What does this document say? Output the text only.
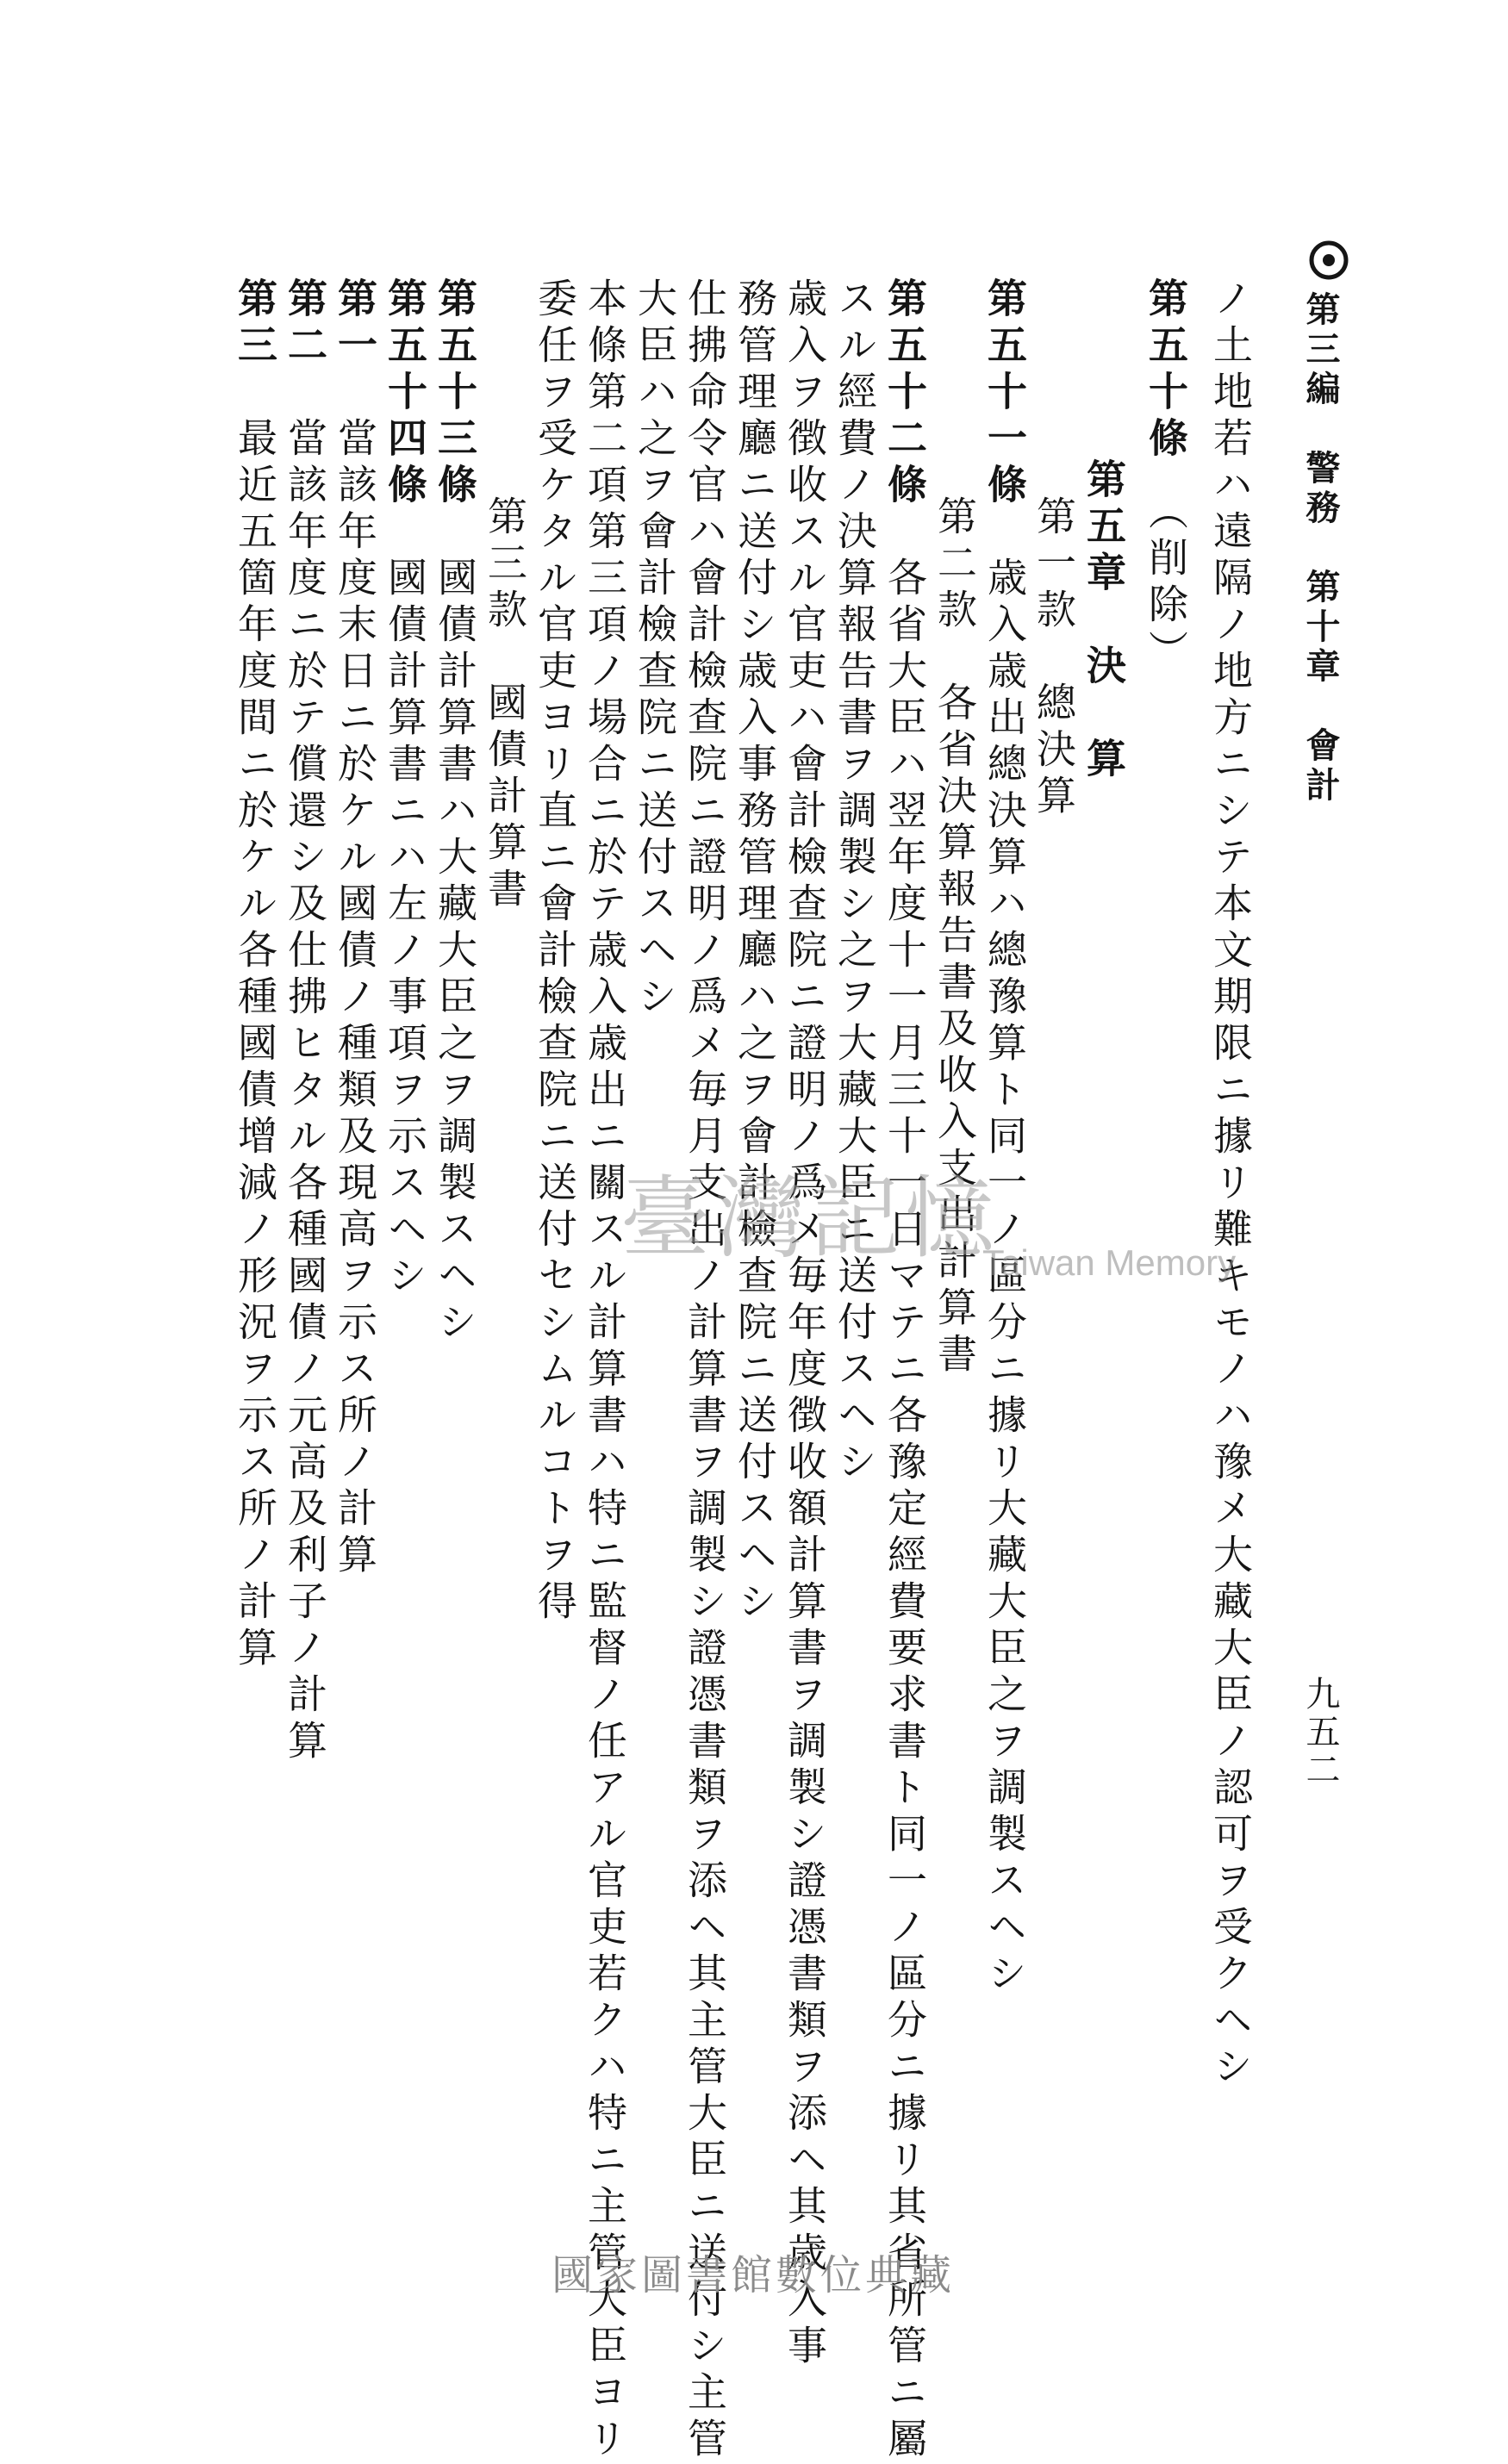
第三編　警務　第十章　會計
九五二
ノ土地若ハ遠隔ノ地方ニシテ本文期限ニ據リ難キモノハ豫メ大藏大臣ノ認可ヲ受クヘシ
第五十條　（削除）
第五章　決　算
第一款　總決算
第五十一條　歳入歳出總決算ハ總豫算ト同一ノ區分ニ據リ大藏大臣之ヲ調製スヘシ
第二款　各省決算報告書及收入支出計算書
第五十二條　各省大臣ハ翌年度十一月三十一日マテニ各豫定經費要求書ト同一ノ區分ニ據リ其省所管ニ屬
スル經費ノ決算報告書ヲ調製シ之ヲ大藏大臣ニ送付スヘシ
歳入ヲ徴收スル官吏ハ會計檢查院ニ證明ノ爲メ毎年度徴收額計算書ヲ調製シ證憑書類ヲ添ヘ其歳入事
務管理廳ニ送付シ歳入事務管理廳ハ之ヲ會計檢查院ニ送付スヘシ
仕拂命令官ハ會計檢查院ニ證明ノ爲メ毎月支出ノ計算書ヲ調製シ證憑書類ヲ添ヘ其主管大臣ニ送付シ主管
大臣ハ之ヲ會計檢查院ニ送付スヘシ
本條第二項第三項ノ場合ニ於テ歳入歳出ニ關スル計算書ハ特ニ監督ノ任アル官吏若クハ特ニ主管大臣ヨリ
委任ヲ受ケタル官吏ヨリ直ニ會計檢查院ニ送付セシムルコトヲ得
第三款　國債計算書
第五十三條　國債計算書ハ大藏大臣之ヲ調製スヘシ
第五十四條　國債計算書ニハ左ノ事項ヲ示スヘシ
第一　當該年度末日ニ於ケル國債ノ種類及現高ヲ示ス所ノ計算
第二　當該年度ニ於テ償還シ及仕拂ヒタル各種國債ノ元高及利子ノ計算
第三　最近五箇年度間ニ於ケル各種國債增減ノ形況ヲ示ス所ノ計算	臺灣記憶
Taiwan Memory
國家圖書館數位典藏
